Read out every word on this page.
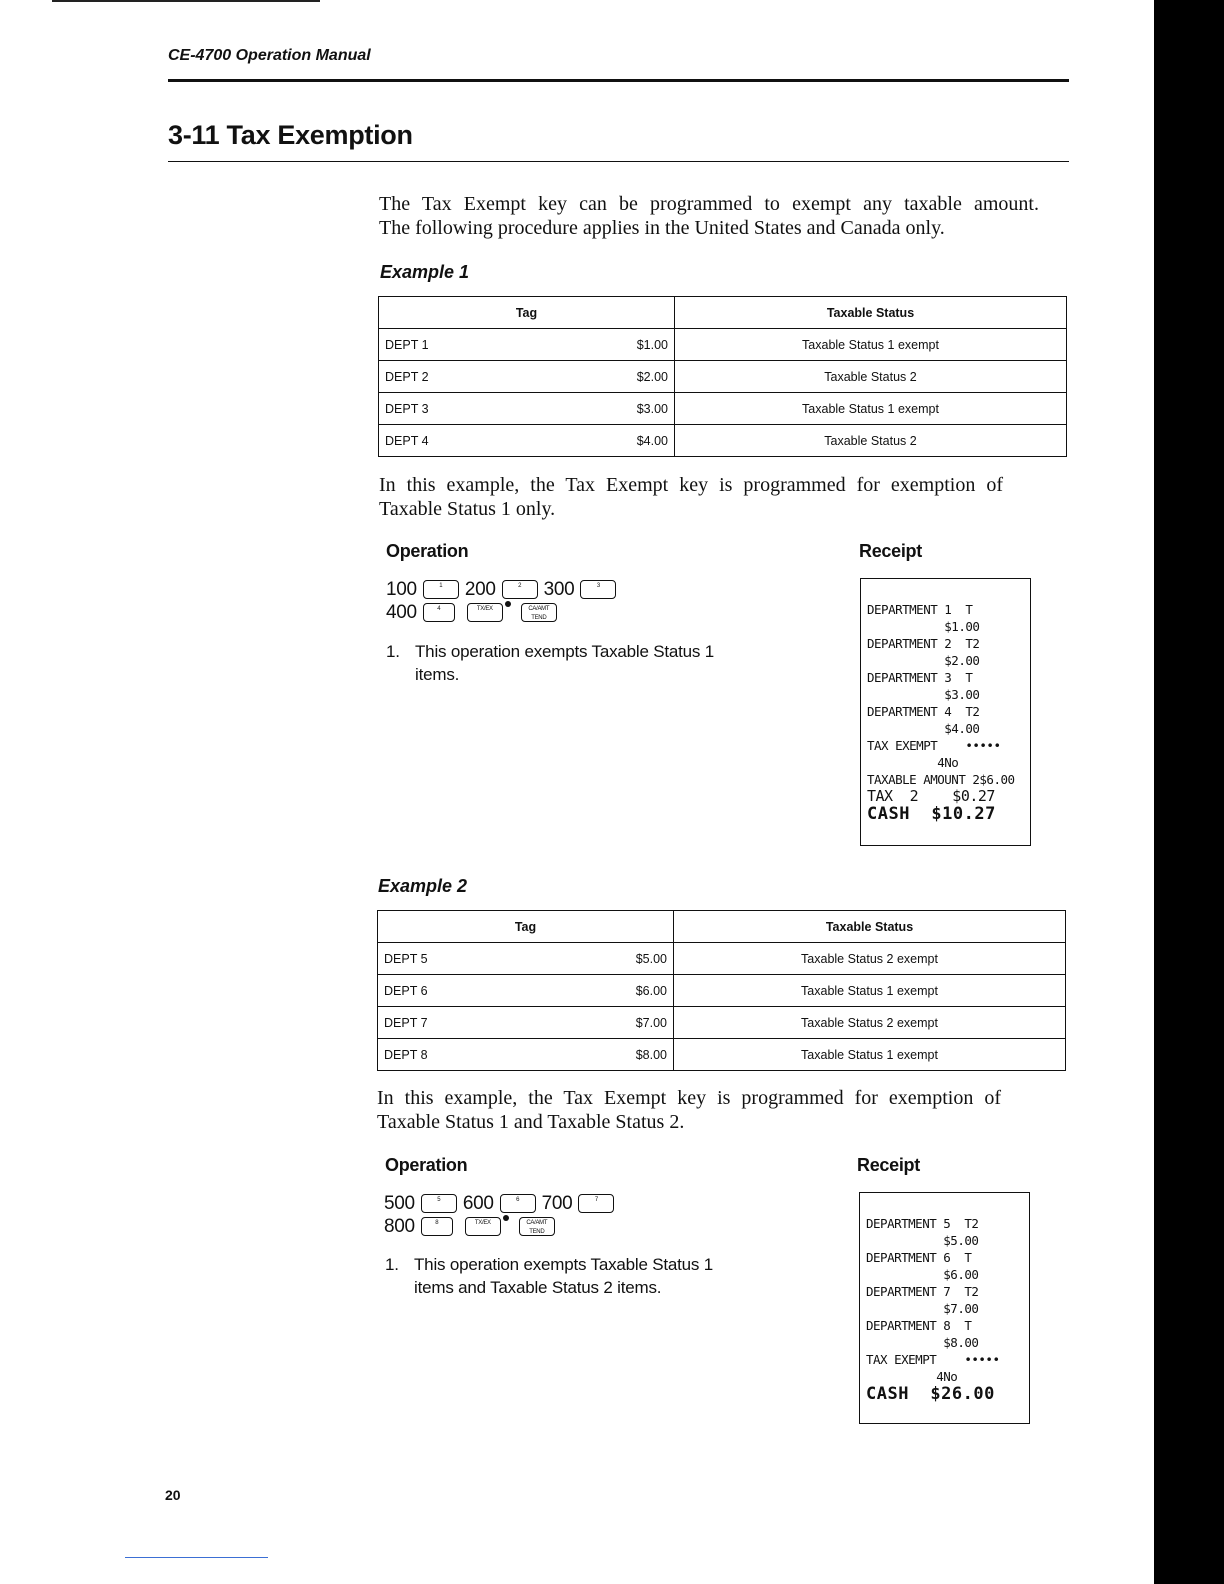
CE-4700 Operation Manual
3-11 Tax Exemption
The Tax Exempt key can be programmed to exempt any taxable amount.
The following procedure applies in the United States and Canada only.
Example 1
Tag	Taxable Status

DEPT 1 $1.00	Taxable Status 1 exempt

DEPT 2 $2.00	Taxable Status 2

DEPT 3 $3.00	Taxable Status 1 exempt

DEPT 4 $4.00	Taxable Status 2
In this example, the Tax Exempt key is programmed for exemption of
Taxable Status 1 only.
Operation	Receipt
100	1	200	2	300	3
400	4	TX/EX	CA/AMT TEND
1. This operation exempts Taxable Status 1
items.
DEPARTMENT 1  T
$1.00
DEPARTMENT 2  T2
$2.00
DEPARTMENT 3  T
$3.00
DEPARTMENT 4  T2
$4.00
TAX EXEMPT    •••••
4No
TAXABLE AMOUNT 2$6.00
TAX  2    $0.27
CASH  $10.27
Example 2
Tag	Taxable Status

DEPT 5 $5.00	Taxable Status 2 exempt

DEPT 6 $6.00	Taxable Status 1 exempt

DEPT 7 $7.00	Taxable Status 2 exempt

DEPT 8 $8.00	Taxable Status 1 exempt
In this example, the Tax Exempt key is programmed for exemption of
Taxable Status 1 and Taxable Status 2.
Operation	Receipt
500	5	600	6	700	7
800	8	TX/EX	CA/AMT TEND
1. This operation exempts Taxable Status 1
items and Taxable Status 2 items.
DEPARTMENT 5  T2
$5.00
DEPARTMENT 6  T
$6.00
DEPARTMENT 7  T2
$7.00
DEPARTMENT 8  T
$8.00
TAX EXEMPT    •••••
4No
CASH  $26.00
20
